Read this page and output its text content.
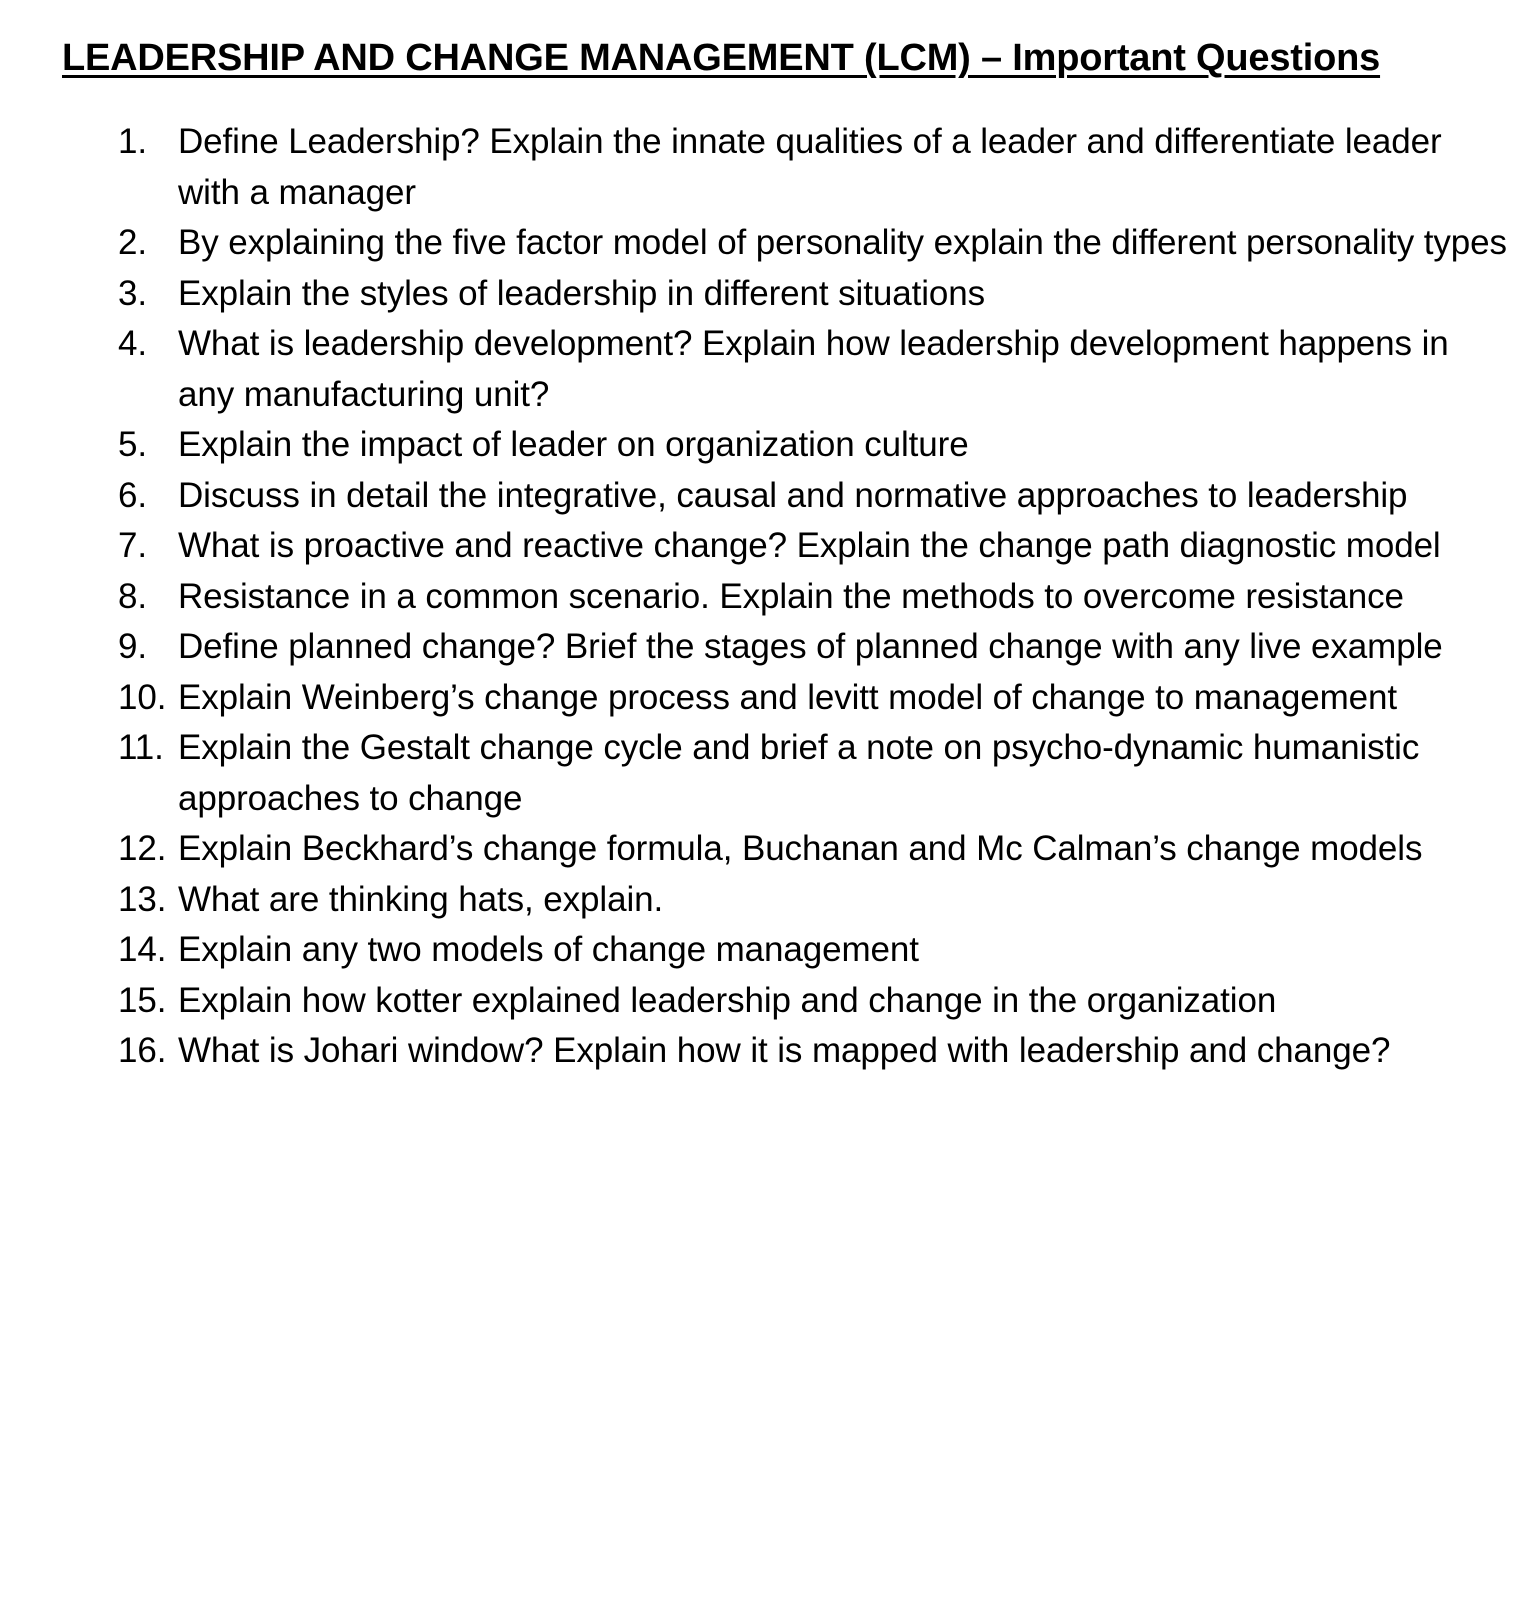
LEADERSHIP AND CHANGE MANAGEMENT (LCM) – Important Questions
1. Define Leadership? Explain the innate qualities of a leader and differentiate leader with a manager
2. By explaining the five factor model of personality explain the different personality types
3. Explain the styles of leadership in different situations
4. What is leadership development? Explain how leadership development happens in any manufacturing unit?
5. Explain the impact of leader on organization culture
6. Discuss in detail the integrative, causal and normative approaches to leadership
7. What is proactive and reactive change? Explain the change path diagnostic model
8. Resistance in a common scenario. Explain the methods to overcome resistance
9. Define planned change? Brief the stages of planned change with any live example
10. Explain Weinberg’s change process and levitt model of change to management
11. Explain the Gestalt change cycle and brief a note on psycho-dynamic humanistic approaches to change
12. Explain Beckhard’s change formula, Buchanan and Mc Calman’s change models
13. What are thinking hats, explain.
14. Explain any two models of change management
15. Explain how kotter explained leadership and change in the organization
16. What is Johari window? Explain how it is mapped with leadership and change?
